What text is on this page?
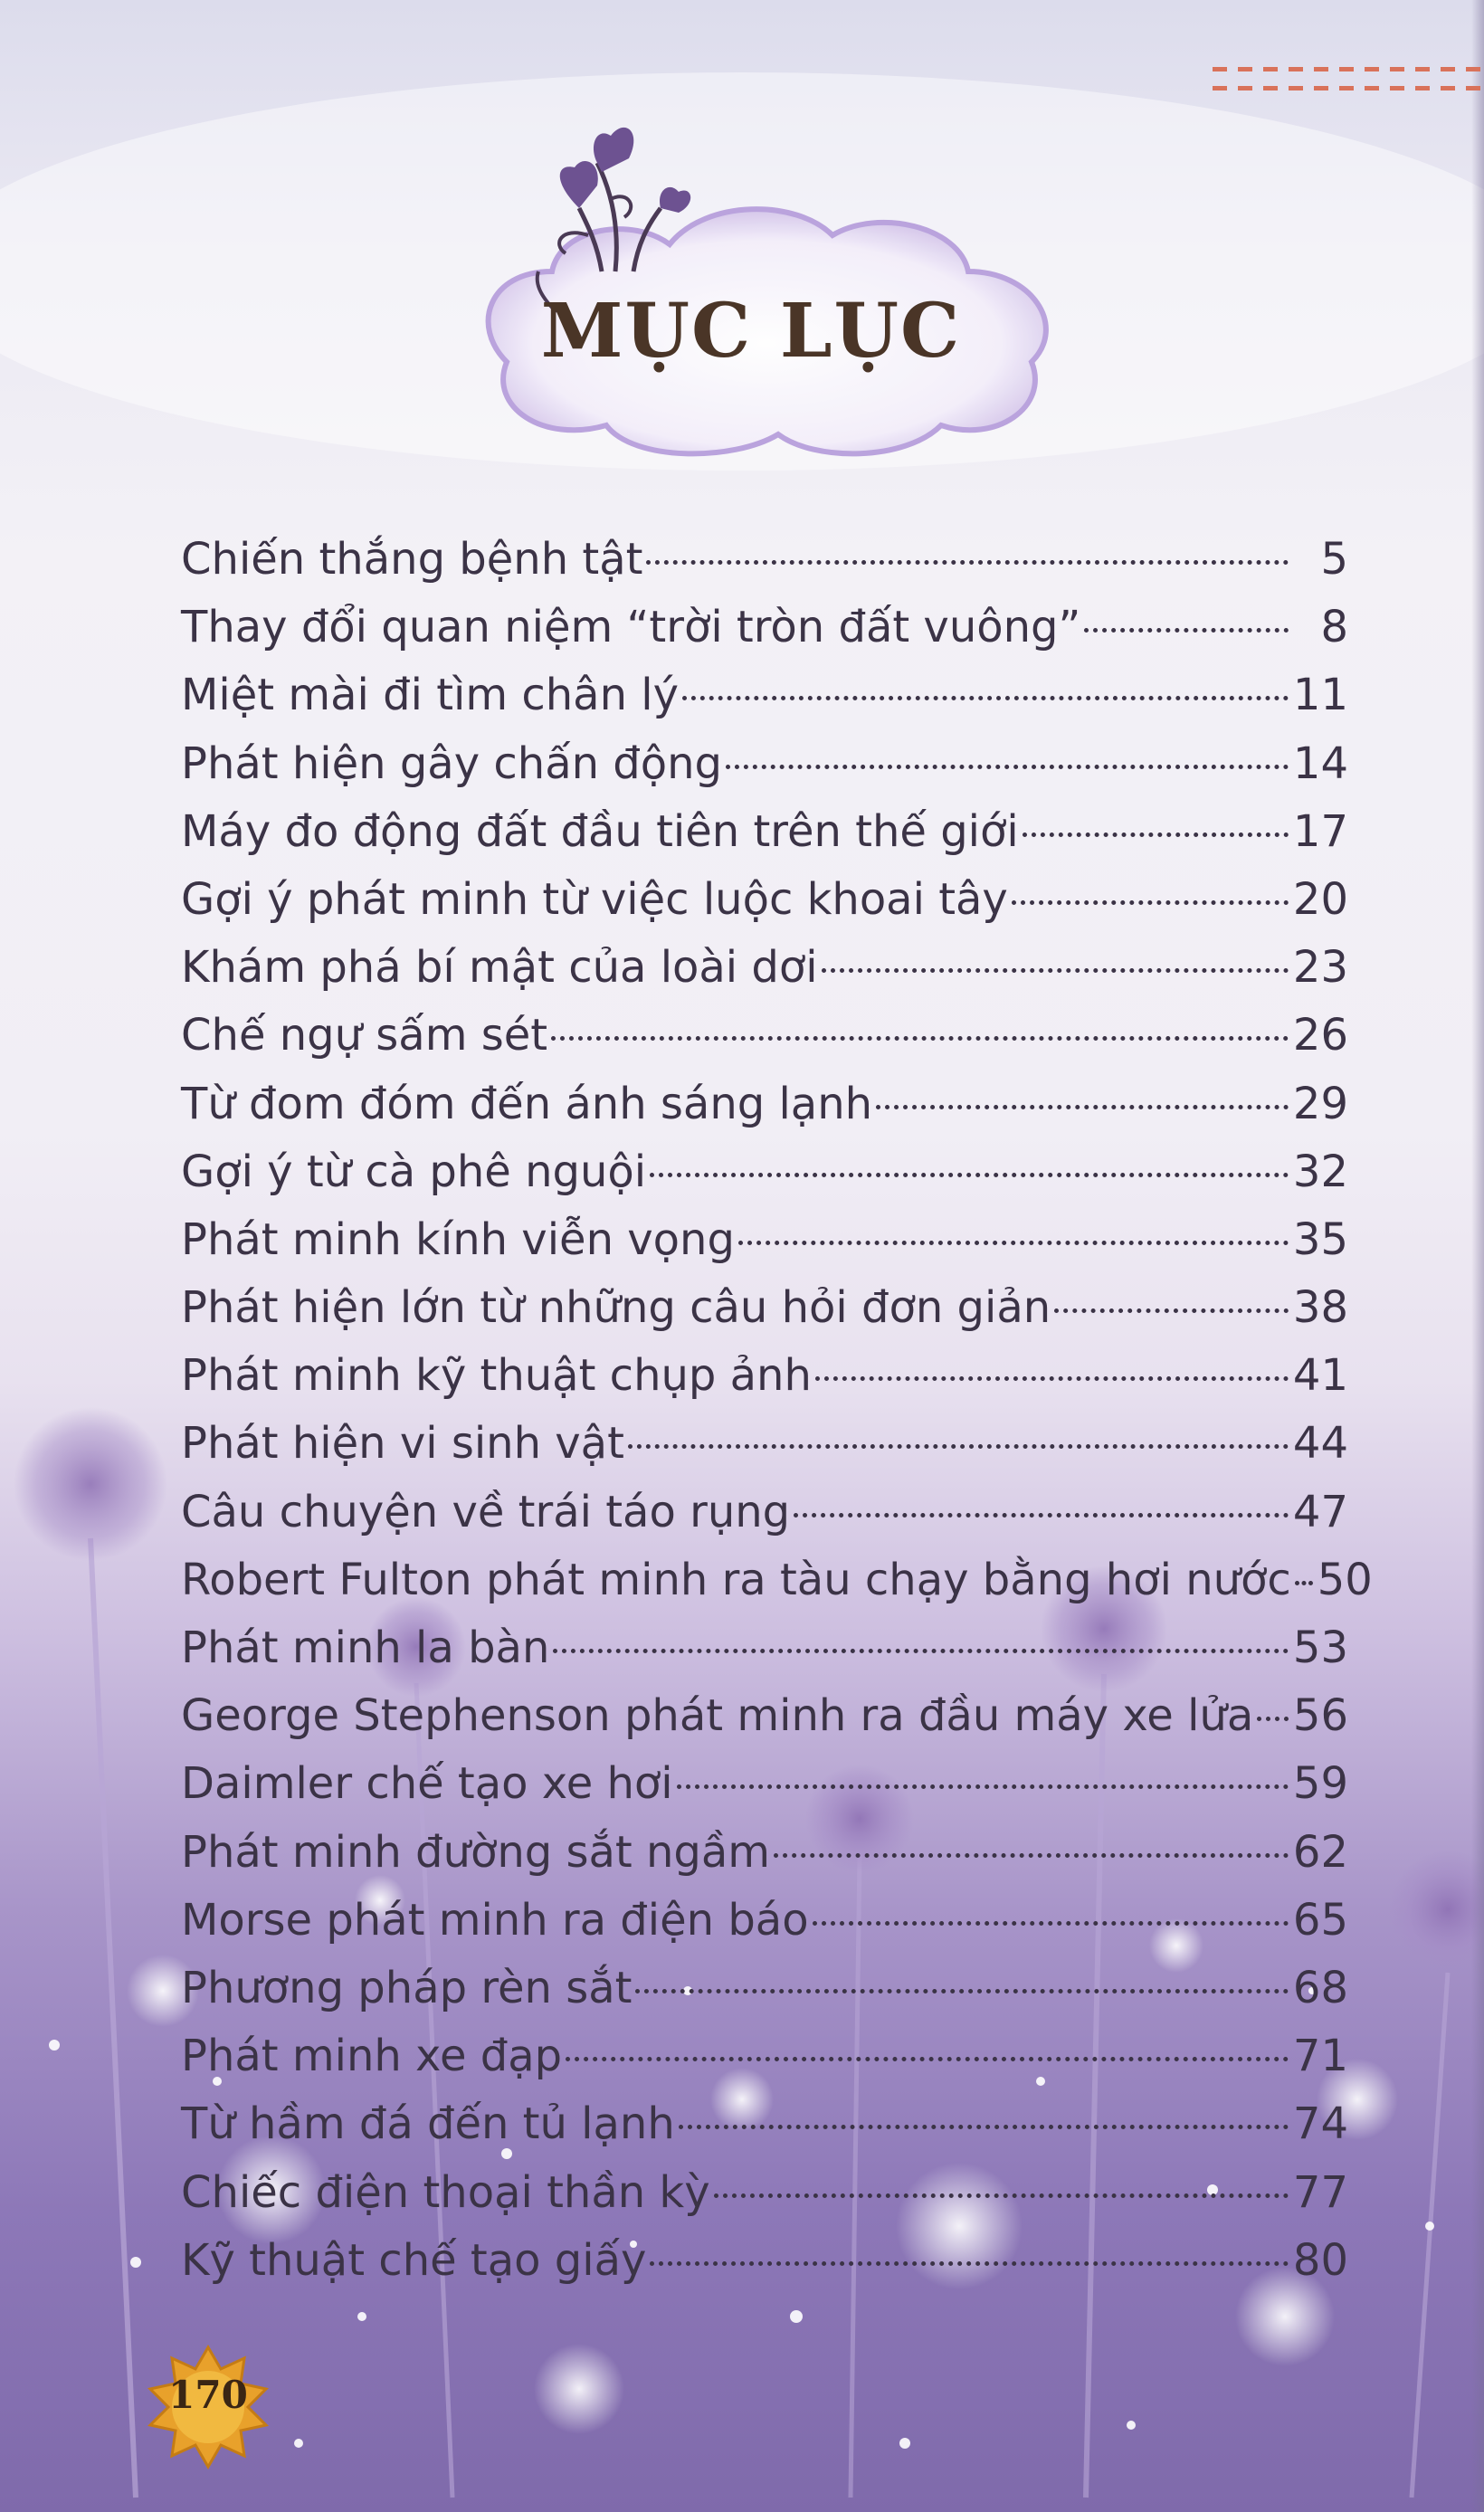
MỤC LỤC
Chiến thắng bệnh tật	5
Thay đổi quan niệm “trời tròn đất vuông”	8
Miệt mài đi tìm chân lý	11
Phát hiện gây chấn động	14
Máy đo động đất đầu tiên trên thế giới	17
Gợi ý phát minh từ việc luộc khoai tây	20
Khám phá bí mật của loài dơi	23
Chế ngự sấm sét	26
Từ đom đóm đến ánh sáng lạnh	29
Gợi ý từ cà phê nguội	32
Phát minh kính viễn vọng	35
Phát hiện lớn từ những câu hỏi đơn giản	38
Phát minh kỹ thuật chụp ảnh	41
Phát hiện vi sinh vật	44
Câu chuyện về trái táo rụng	47
Robert Fulton phát minh ra tàu chạy bằng hơi nước 50
Phát minh la bàn	53
George Stephenson phát minh ra đầu máy xe lửa 56
Daimler chế tạo xe hơi	59
Phát minh đường sắt ngầm	62
Morse phát minh ra điện báo	65
Phương pháp rèn sắt	68
Phát minh xe đạp	71
Từ hầm đá đến tủ lạnh	74
Chiếc điện thoại thần kỳ	77
Kỹ thuật chế tạo giấy	80
170
